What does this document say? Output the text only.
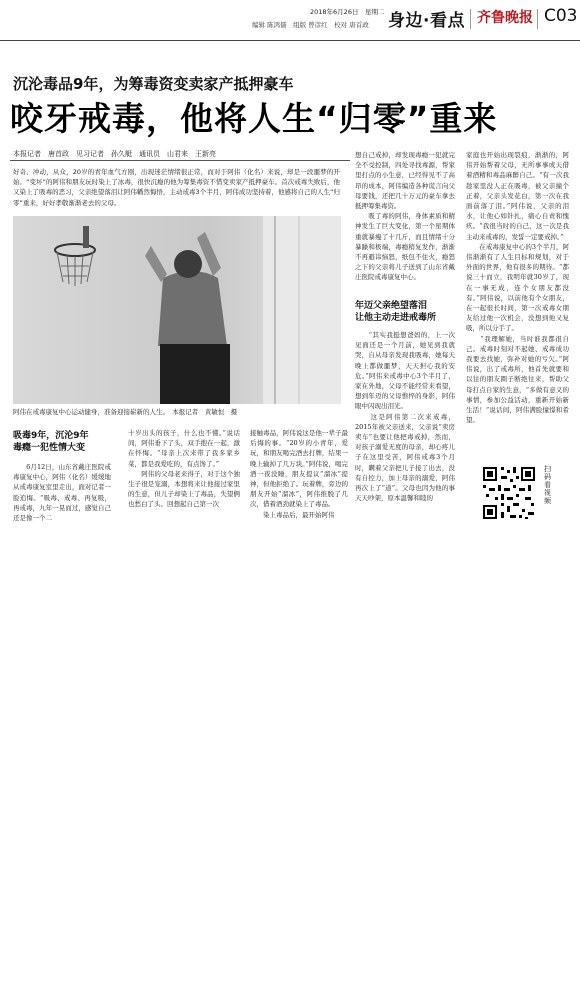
2018年6月26日　星期二
编辑 陈鸿儒　组版 曾彦红　校对 唐首政 身边·看点 齐鲁晚报 C03
沉沦毒品9年，为筹毒资变卖家产抵押豪车
咬牙戒毒，他将人生“归零”重来
本报记者　唐首政　见习记者　孙久艇　通讯员　山君来　王新亮
好奇、冲动，从众，20岁的青年血气方刚，出现迷茫情绪很正常，而对于阿伟（化名）来说，却是一段噩梦的开始。“变坏”的阿伟和朋友玩时染上了冰毒，很快沉瘾的他为筹集毒资不惜变卖家产抵押豪车。首次戒毒失败后，他又染上了吸毒的恶习，父亲绝望落泪让阿伟幡然悔悟，主动戒毒3个半月，阿伟成功坚持着，他感将自己的人生“归零”重来，好好孝敬渐渐老去的父母。
阿伟在戒毒康复中心运动健身，准备迎接崭新的人生。　本报记者　黄敏恒　摄
吸毒9年，沉沦9年
毒瘾一犯性情大变
　　6月12日，山东省戴庄医院戒毒康复中心，阿伟（化名）缓缓地从戒毒康复室里走出，面对记者一脸追悔。“吸毒、戒毒、再复吸，再戒毒，九年一晃而过，感觉自己还是像一个二
十岁出头的孩子，什么也不懂。”说话间，阿伟垂下了头，双手抱在一起，激在怀悔。“母亲上次来带了我多家乡菜，都是我爱吃的，有点馋了。”
　　阿伟的父母老来得子，对于这个独生子很是宠溺，本想将来让他接过家里的生意，但儿子却染上了毒品，失望俩也愁白了头。回想起自己第一次
接触毒品，阿伟说这是他一辈子最后悔的事。“20岁的小青年，爱玩，和朋友喝完酒去打牌，结果一晚上输掉了几万块。”阿伟说，喝完酒一夜没睡，朋友提议“溜冰”提神，但他拒绝了。玩着牌，旁边的朋友开始“溜冰”，阿伟推脱了几次，借着酒劲就染上了毒品。
　　染上毒品后，最开始阿伟
想自己戒掉，却发现毒瘾一犯就完全不受控制，四处寻找毒源，帮家里打点的小生意，已经得见不了高昂的成本，阿伟编造各种谎言向父母要钱，还把几十万元的豪车拿去抵押筹集毒资。
　　吸了毒的阿伟，身体素质和精神发生了巨大变化，第一个星期体重就暴瘦了十几斤，而且情绪十分暴躁和极端，毒瘾稍复发作，渐渐不再避讳恼怒，纸包不住火，瘾怒之下的父亲将儿子送到了山东省戴庄医院戒毒康复中心。
年迈父亲绝望落泪
让他主动走进戒毒所
　　“其实我挺想爸妈的，上一次见面还是一个月前，她见到我就哭，自从母亲发现我吸毒，她每天晚上都做噩梦，天天担心我的安危。”阿伟来戒毒中心3个半月了，家在外地，父母不能经常来看望，想到年迈的父母憔悴的身影，阿伟眼中闪现出泪光。
　　这是阿伟第二次来戒毒，2015年被父亲送来，父亲说“卖房卖车”也要让他把毒戒掉，然而，对孩子溺爱无度的母亲，却心疼儿子在这里受苦，阿伟戒毒3个月时，瞒着父亲把儿子接了出去，没有自控力，加上母亲的溺爱，阿伟再次上了“道”。父母也因为他的事天天吵架，原本温馨和睦的
家庭也开始出现裂痕，渐渐的，阿伟开始帮着父母，无所事事或天借着酒精和毒品麻醉自己。“有一次我趁家里没人正在吸毒，被父亲撞个正着，父亲头发花白，第一次在我面前落了泪。”阿伟说，父亲的泪水，让他心如针扎，痛心自责和愧疚。“我很当时的自己，这一次是我主动来戒毒的，发誓一定要戒掉。”
　　在戒毒康复中心的3个半月，阿伟渐渐有了人生目标和规划，对于外面的世界，他有很多的期待。“都说三十而立，我明年就30岁了，现在一事无成，连个女朋友都没有。”阿伟说，以前他有个女朋友，在一起很长时间，第一次戒毒女朋友给过他一次机会，没想到他又复吸，所以分手了。
　　“我理解她，当时谁我都很自己。戒毒时刻对不起她、戒毒成功我要去找她，弥补对她的亏欠。”阿伟说，出了戒毒所，他首先就要和以往的朋友圈子断绝往来，帮助父母打点自家的生意，“多做有意义的事情，参加公益活动，重新开始新生活！”说话间，阿伟满脸憧憬和希望。
扫码看视频
